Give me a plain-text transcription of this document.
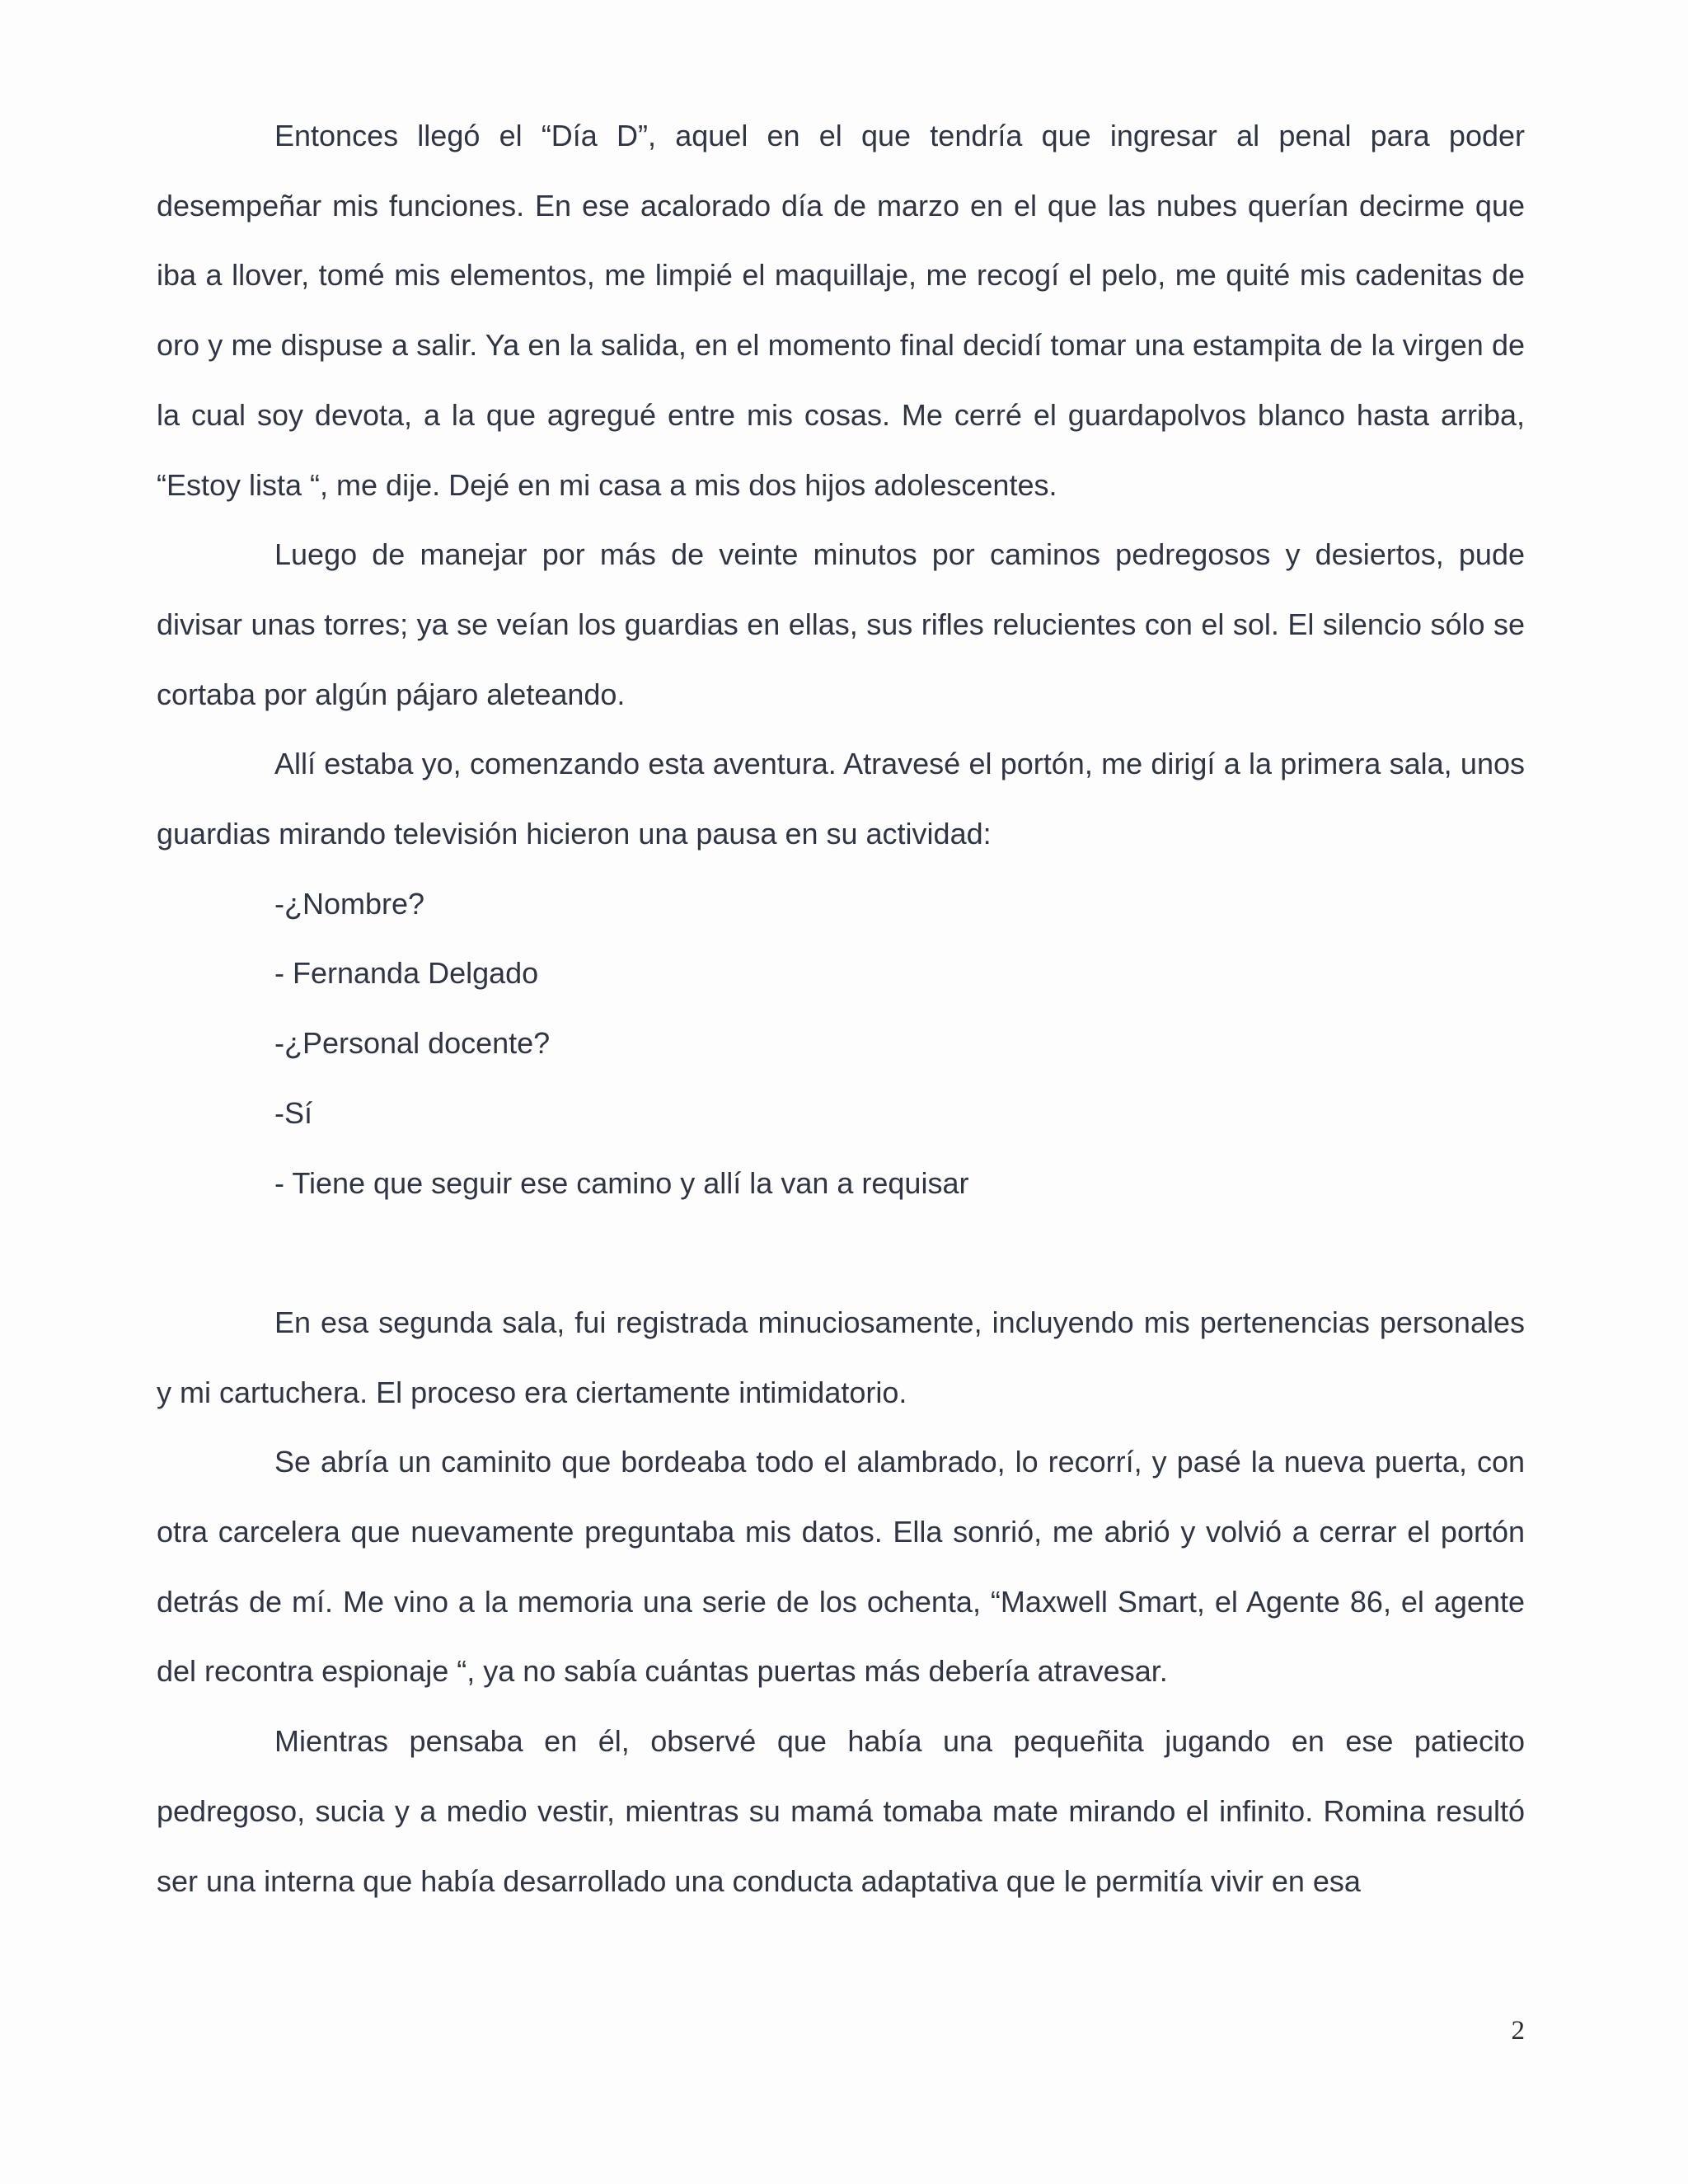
Entonces llegó el “Día D”, aquel en el que tendría que ingresar al penal para poder desempeñar mis funciones. En ese acalorado día de marzo en el que las nubes querían decirme que iba a llover, tomé mis elementos, me limpié el maquillaje, me recogí el pelo, me quité mis cadenitas de oro y me dispuse a salir. Ya en la salida, en el momento final decidí tomar una estampita de la virgen de la cual soy devota, a la que agregué entre mis cosas. Me cerré el guardapolvos blanco hasta arriba, “Estoy lista “, me dije. Dejé en mi casa a mis dos hijos adolescentes.

Luego de manejar por más de veinte minutos por caminos pedregosos y desiertos, pude divisar unas torres; ya se veían los guardias en ellas, sus rifles relucientes con el sol. El silencio sólo se cortaba por algún pájaro aleteando.

Allí estaba yo, comenzando esta aventura. Atravesé el portón, me dirigí a la primera sala, unos guardias mirando televisión hicieron una pausa en su actividad:

-¿Nombre?

- Fernanda Delgado

-¿Personal docente?

-Sí

- Tiene que seguir ese camino y allí la van a requisar

En esa segunda sala, fui registrada minuciosamente, incluyendo mis pertenencias personales y mi cartuchera. El proceso era ciertamente intimidatorio.

Se abría un caminito que bordeaba todo el alambrado, lo recorrí, y pasé la nueva puerta, con otra carcelera que nuevamente preguntaba mis datos. Ella sonrió, me abrió y volvió a cerrar el portón detrás de mí. Me vino a la memoria una serie de los ochenta, “Maxwell Smart, el Agente 86, el agente del recontra espionaje “, ya no sabía cuántas puertas más debería atravesar.

Mientras pensaba en él, observé que había una pequeñita jugando en ese patiecito pedregoso, sucia y a medio vestir, mientras su mamá tomaba mate mirando el infinito. Romina resultó ser una interna que había desarrollado una conducta adaptativa que le permitía vivir en esa

2
